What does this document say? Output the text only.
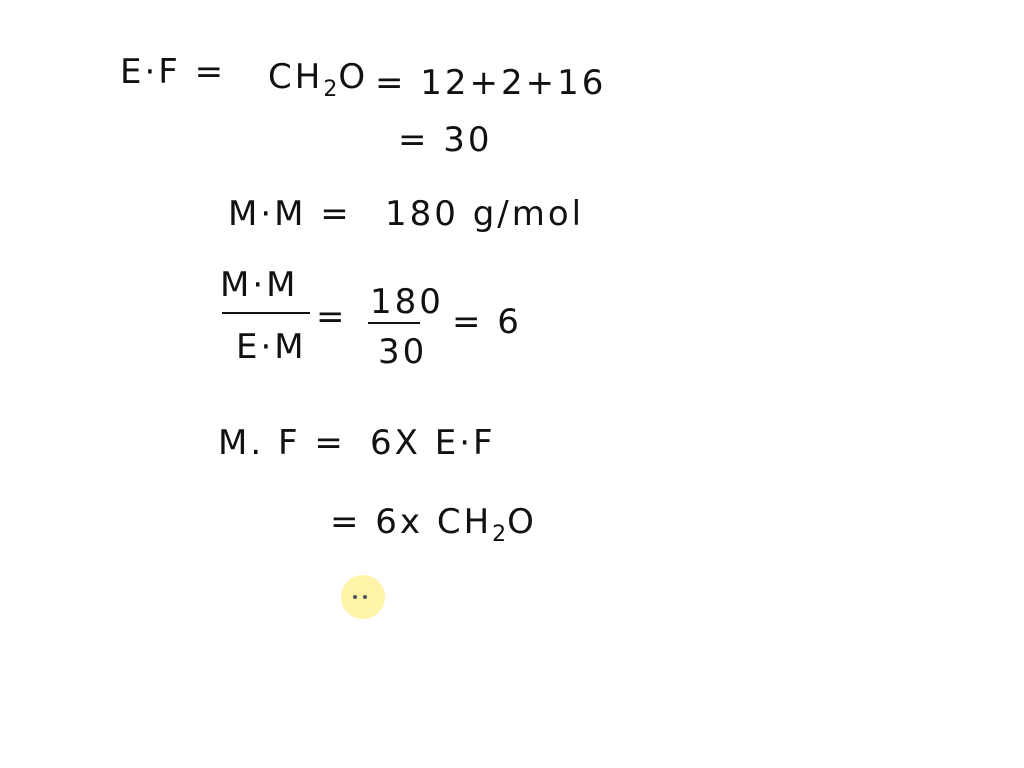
$E\cdot F = CH_2O = 12+2+16$
= 30
M·M = 180 g/mol
M·M
E·M
= 180
30
= 6
M. F = 6X E·F
= 6x $CH_2O$
